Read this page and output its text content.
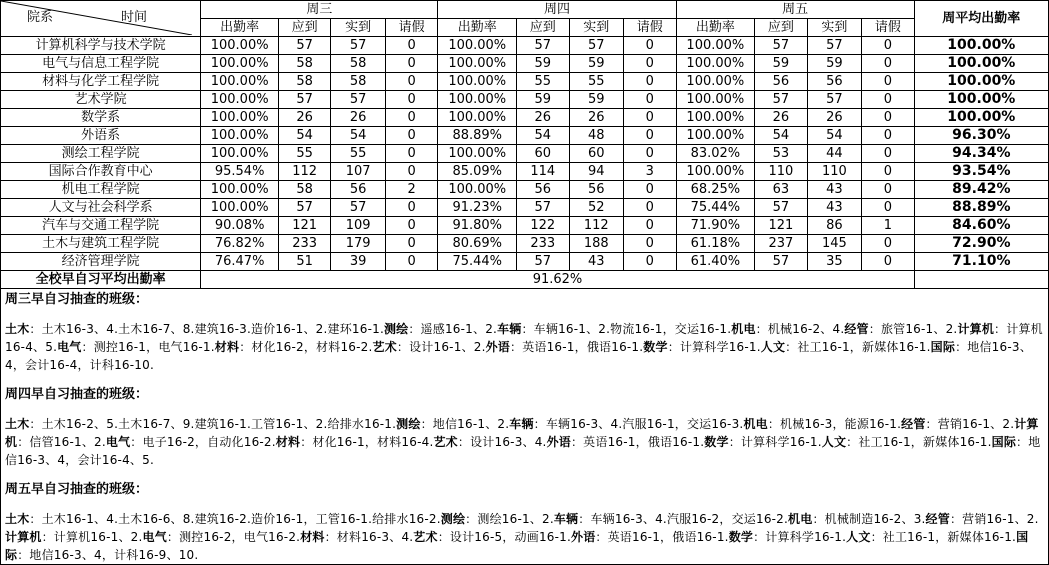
院系 时间	周三				周四				周五				周平均出勤率
	出勤率	应到	实到	请假	出勤率	应到	实到	请假	出勤率	应到	实到	请假	
计算机科学与技术学院	100.00%	57	57	0	100.00%	57	57	0	100.00%	57	57	0	100.00%
电气与信息工程学院	100.00%	58	58	0	100.00%	59	59	0	100.00%	59	59	0	100.00%
材料与化学工程学院	100.00%	58	58	0	100.00%	55	55	0	100.00%	56	56	0	100.00%
艺术学院	100.00%	57	57	0	100.00%	59	59	0	100.00%	57	57	0	100.00%
数学系	100.00%	26	26	0	100.00%	26	26	0	100.00%	26	26	0	100.00%
外语系	100.00%	54	54	0	88.89%	54	48	0	100.00%	54	54	0	96.30%
测绘工程学院	100.00%	55	55	0	100.00%	60	60	0	83.02%	53	44	0	94.34%
国际合作教育中心	95.54%	112	107	0	85.09%	114	94	3	100.00%	110	110	0	93.54%
机电工程学院	100.00%	58	56	2	100.00%	56	56	0	68.25%	63	43	0	89.42%
人文与社会科学系	100.00%	57	57	0	91.23%	57	52	0	75.44%	57	43	0	88.89%
汽车与交通工程学院	90.08%	121	109	0	91.80%	122	112	0	71.90%	121	86	1	84.60%
土木与建筑工程学院	76.82%	233	179	0	80.69%	233	188	0	61.18%	237	145	0	72.90%
经济管理学院	76.47%	51	39	0	75.44%	57	43	0	61.40%	57	35	0	71.10%
全校早自习平均出勤率	91.62%												
周三早自习抽查的班级：
土木：土木16-3、4.土木16-7、8.建筑16-3.造价16-1、2.建环16-1.测绘：遥感16-1、2.车辆：车辆16-1、2.物流16-1，交运16-1.机电：机械16-2、4.经管：旅管16-1、2.计算机：计算机16-4、5.电气：测控16-1，电气16-1.材料：材化16-2，材料16-2.艺术：设计16-1、2.外语：英语16-1，俄语16-1.数学：计算科学16-1.人文：社工16-1，新媒体16-1.国际：地信16-3、4，会计16-4，计科16-10.
周四早自习抽查的班级：
土木：土木16-2、5.土木16-7、9.建筑16-1.工管16-1、2.给排水16-1.测绘：地信16-1、2.车辆：车辆16-3、4.汽服16-1，交运16-3.机电：机械16-3，能源16-1.经管：营销16-1、2.计算机：信管16-1、2.电气：电子16-2，自动化16-2.材料：材化16-1，材料16-4.艺术：设计16-3、4.外语：英语16-1，俄语16-1.数学：计算科学16-1.人文：社工16-1，新媒体16-1.国际：地信16-3、4，会计16-4、5.
周五早自习抽查的班级：
土木：土木16-1、4.土木16-6、8.建筑16-2.造价16-1，工管16-1.给排水16-2.测绘：测绘16-1、2.车辆：车辆16-3、4.汽服16-2，交运16-2.机电：机械制造16-2、3.经管：营销16-1、2.计算机：计算机16-1、2.电气：测控16-2，电气16-2.材料：材料16-3、4.艺术：设计16-5，动画16-1.外语：英语16-1，俄语16-1.数学：计算科学16-1.人文：社工16-1，新媒体16-1.国际：地信16-3、4，计科16-9、10.
